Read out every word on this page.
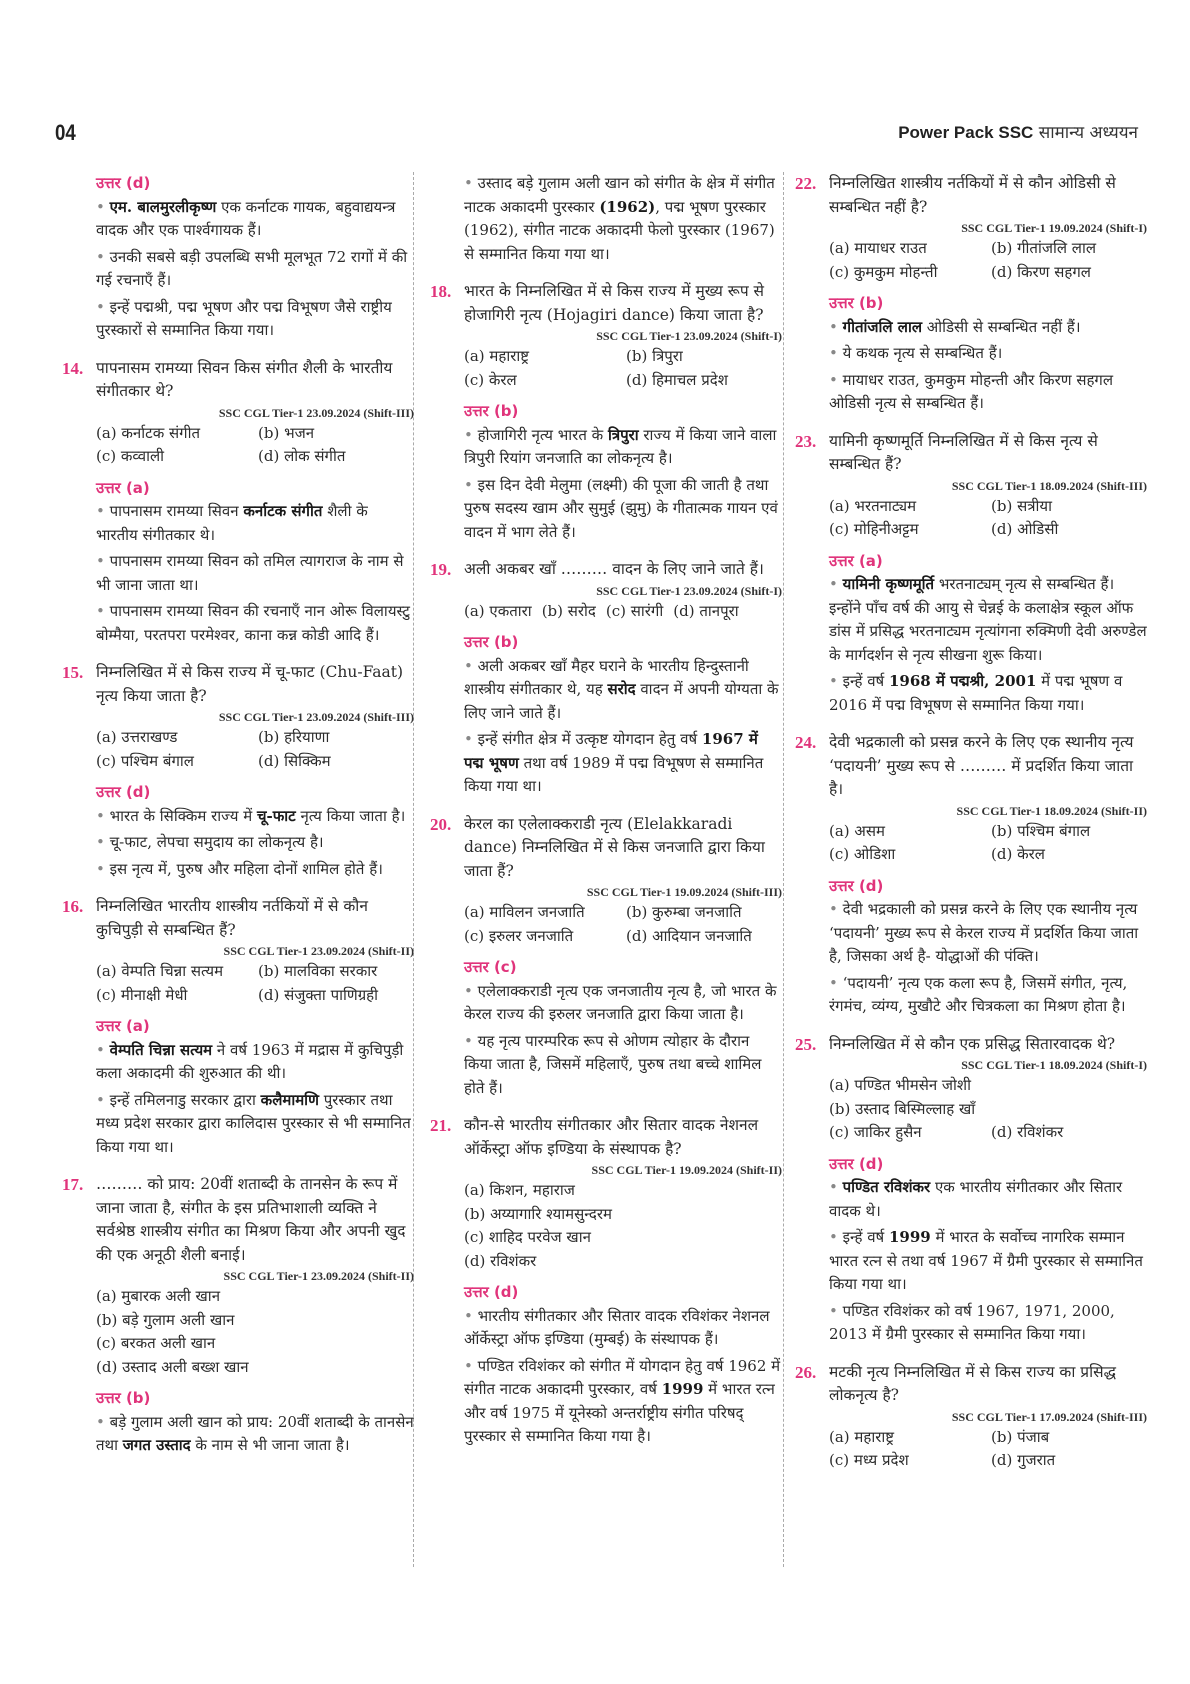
04	Power Pack SSC सामान्य अध्ययन
उत्तर (d)

• एम. बालमुरलीकृष्ण एक कर्नाटक गायक, बहुवाद्ययन्त्र वादक और एक पार्श्वगायक हैं।

• उनकी सबसे बड़ी उपलब्धि सभी मूलभूत 72 रागों में की गई रचनाएँ हैं।

• इन्हें पद्मश्री, पद्म भूषण और पद्म विभूषण जैसे राष्ट्रीय पुरस्कारों से सम्मानित किया गया।

14. पापनासम रामय्या सिवन किस संगीत शैली के भारतीय संगीतकार थे?
SSC CGL Tier-1 23.09.2024 (Shift-III)
(a) कर्नाटक संगीत	(b) भजन
(c) कव्वाली	(d) लोक संगीत
उत्तर (a)

• पापनासम रामय्या सिवन कर्नाटक संगीत शैली के भारतीय संगीतकार थे।

• पापनासम रामय्या सिवन को तमिल त्यागराज के नाम से भी जाना जाता था।

• पापनासम रामय्या सिवन की रचनाएँ नान ओरू विलायस्टु बोम्मैया, परतपरा परमेश्वर, काना कन्न कोडी आदि हैं।

15. निम्नलिखित में से किस राज्य में चू-फाट (Chu-Faat) नृत्य किया जाता है?
SSC CGL Tier-1 23.09.2024 (Shift-III)
(a) उत्तराखण्ड	(b) हरियाणा
(c) पश्चिम बंगाल	(d) सिक्किम
उत्तर (d)

• भारत के सिक्किम राज्य में चू-फाट नृत्य किया जाता है।

• चू-फाट, लेपचा समुदाय का लोकनृत्य है।

• इस नृत्य में, पुरुष और महिला दोनों शामिल होते हैं।

16. निम्नलिखित भारतीय शास्त्रीय नर्तकियों में से कौन कुचिपुड़ी से सम्बन्धित हैं?
SSC CGL Tier-1 23.09.2024 (Shift-II)
(a) वेम्पति चिन्ना सत्यम	(b) मालविका सरकार
(c) मीनाक्षी मेधी	(d) संजुक्ता पाणिग्रही
उत्तर (a)

• वेम्पति चिन्ना सत्यम ने वर्ष 1963 में मद्रास में कुचिपुड़ी कला अकादमी की शुरुआत की थी।

• इन्हें तमिलनाडु सरकार द्वारा कलैमामणि पुरस्कार तथा मध्य प्रदेश सरकार द्वारा कालिदास पुरस्कार से भी सम्मानित किया गया था।

17. ……… को प्राय: 20वीं शताब्दी के तानसेन के रूप में जाना जाता है, संगीत के इस प्रतिभाशाली व्यक्ति ने सर्वश्रेष्ठ शास्त्रीय संगीत का मिश्रण किया और अपनी खुद की एक अनूठी शैली बनाई।
SSC CGL Tier-1 23.09.2024 (Shift-II)
(a) मुबारक अली खान
(b) बड़े गुलाम अली खान
(c) बरकत अली खान
(d) उस्ताद अली बख्श खान
उत्तर (b)

• बड़े गुलाम अली खान को प्राय: 20वीं शताब्दी के तानसेन तथा जगत उस्ताद के नाम से भी जाना जाता है।

• उस्ताद बड़े गुलाम अली खान को संगीत के क्षेत्र में संगीत नाटक अकादमी पुरस्कार (1962), पद्म भूषण पुरस्कार (1962), संगीत नाटक अकादमी फेलो पुरस्कार (1967) से सम्मानित किया गया था।

18. भारत के निम्नलिखित में से किस राज्य में मुख्य रूप से होजागिरी नृत्य (Hojagiri dance) किया जाता है?
SSC CGL Tier-1 23.09.2024 (Shift-I)
(a) महाराष्ट्र	(b) त्रिपुरा
(c) केरल	(d) हिमाचल प्रदेश
उत्तर (b)

• होजागिरी नृत्य भारत के त्रिपुरा राज्य में किया जाने वाला त्रिपुरी रियांग जनजाति का लोकनृत्य है।

• इस दिन देवी मेलुमा (लक्ष्मी) की पूजा की जाती है तथा पुरुष सदस्य खाम और सुमुई (झुमु) के गीतात्मक गायन एवं वादन में भाग लेते हैं।

19. अली अकबर खाँ ……… वादन के लिए जाने जाते हैं।
SSC CGL Tier-1 23.09.2024 (Shift-I)
(a) एकतारा (b) सरोद (c) सारंगी (d) तानपूरा
उत्तर (b)

• अली अकबर खाँ मैहर घराने के भारतीय हिन्दुस्तानी शास्त्रीय संगीतकार थे, यह सरोद वादन में अपनी योग्यता के लिए जाने जाते हैं।

• इन्हें संगीत क्षेत्र में उत्कृष्ट योगदान हेतु वर्ष 1967 में पद्म भूषण तथा वर्ष 1989 में पद्म विभूषण से सम्मानित किया गया था।

20. केरल का एलेलाक्कराडी नृत्य (Elelakkaradi dance) निम्नलिखित में से किस जनजाति द्वारा किया जाता हैं?
SSC CGL Tier-1 19.09.2024 (Shift-III)
(a) माविलन जनजाति	(b) कुरुम्बा जनजाति
(c) इरुलर जनजाति	(d) आदियान जनजाति
उत्तर (c)

• एलेलाक्कराडी नृत्य एक जनजातीय नृत्य है, जो भारत के केरल राज्य की इरुलर जनजाति द्वारा किया जाता है।

• यह नृत्य पारम्परिक रूप से ओणम त्योहार के दौरान किया जाता है, जिसमें महिलाएँ, पुरुष तथा बच्चे शामिल होते हैं।

21. कौन-से भारतीय संगीतकार और सितार वादक नेशनल ऑर्केस्ट्रा ऑफ इण्डिया के संस्थापक है?
SSC CGL Tier-1 19.09.2024 (Shift-II)
(a) किशन, महाराज
(b) अय्यागारि श्यामसुन्दरम
(c) शाहिद परवेज खान
(d) रविशंकर
उत्तर (d)

• भारतीय संगीतकार और सितार वादक रविशंकर नेशनल ऑर्केस्ट्रा ऑफ इण्डिया (मुम्बई) के संस्थापक हैं।

• पण्डित रविशंकर को संगीत में योगदान हेतु वर्ष 1962 में संगीत नाटक अकादमी पुरस्कार, वर्ष 1999 में भारत रत्न और वर्ष 1975 में यूनेस्को अन्तर्राष्ट्रीय संगीत परिषद् पुरस्कार से सम्मानित किया गया है।

22. निम्नलिखित शास्त्रीय नर्तकियों में से कौन ओडिसी से सम्बन्धित नहीं है?
SSC CGL Tier-1 19.09.2024 (Shift-I)
(a) मायाधर राउत	(b) गीतांजलि लाल
(c) कुमकुम मोहन्ती	(d) किरण सहगल
उत्तर (b)

• गीतांजलि लाल ओडिसी से सम्बन्धित नहीं हैं।

• ये कथक नृत्य से सम्बन्धित हैं।

• मायाधर राउत, कुमकुम मोहन्ती और किरण सहगल ओडिसी नृत्य से सम्बन्धित हैं।

23. यामिनी कृष्णमूर्ति निम्नलिखित में से किस नृत्य से सम्बन्धित हैं?
SSC CGL Tier-1 18.09.2024 (Shift-III)
(a) भरतनाट्यम	(b) सत्रीया
(c) मोहिनीअट्टम	(d) ओडिसी
उत्तर (a)

• यामिनी कृष्णमूर्ति भरतनाट्यम् नृत्य से सम्बन्धित हैं। इन्होंने पाँच वर्ष की आयु से चेन्नई के कलाक्षेत्र स्कूल ऑफ डांस में प्रसिद्ध भरतनाट्यम नृत्यांगना रुक्मिणी देवी अरुण्डेल के मार्गदर्शन से नृत्य सीखना शुरू किया।

• इन्हें वर्ष 1968 में पद्मश्री, 2001 में पद्म भूषण व 2016 में पद्म विभूषण से सम्मानित किया गया।

24. देवी भद्रकाली को प्रसन्न करने के लिए एक स्थानीय नृत्य ‘पदायनी’ मुख्य रूप से ……… में प्रदर्शित किया जाता है।
SSC CGL Tier-1 18.09.2024 (Shift-II)
(a) असम	(b) पश्चिम बंगाल
(c) ओडिशा	(d) केरल
उत्तर (d)

• देवी भद्रकाली को प्रसन्न करने के लिए एक स्थानीय नृत्य ‘पदायनी’ मुख्य रूप से केरल राज्य में प्रदर्शित किया जाता है, जिसका अर्थ है- योद्धाओं की पंक्ति।

• ‘पदायनी’ नृत्य एक कला रूप है, जिसमें संगीत, नृत्य, रंगमंच, व्यंग्य, मुखौटे और चित्रकला का मिश्रण होता है।

25. निम्नलिखित में से कौन एक प्रसिद्ध सितारवादक थे?
SSC CGL Tier-1 18.09.2024 (Shift-I)
(a) पण्डित भीमसेन जोशी
(b) उस्ताद बिस्मिल्लाह खाँ
(c) जाकिर हुसैन	(d) रविशंकर
उत्तर (d)

• पण्डित रविशंकर एक भारतीय संगीतकार और सितार वादक थे।

• इन्हें वर्ष 1999 में भारत के सर्वोच्च नागरिक सम्मान भारत रत्न से तथा वर्ष 1967 में ग्रैमी पुरस्कार से सम्मानित किया गया था।

• पण्डित रविशंकर को वर्ष 1967, 1971, 2000, 2013 में ग्रैमी पुरस्कार से सम्मानित किया गया।

26. मटकी नृत्य निम्नलिखित में से किस राज्य का प्रसिद्ध लोकनृत्य है?
SSC CGL Tier-1 17.09.2024 (Shift-III)
(a) महाराष्ट्र	(b) पंजाब
(c) मध्य प्रदेश	(d) गुजरात
